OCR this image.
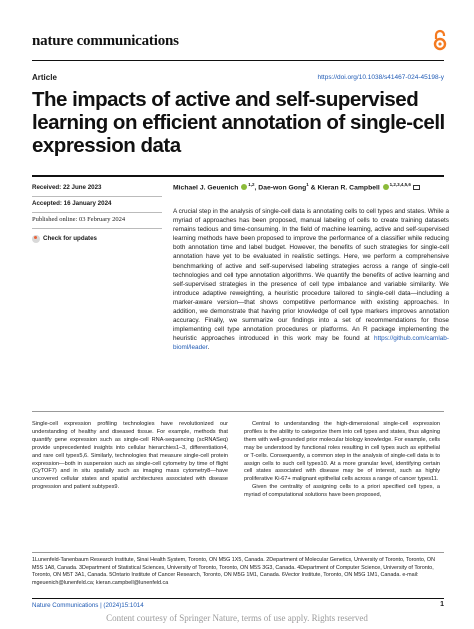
nature communications
Article	https://doi.org/10.1038/s41467-024-45198-y
The impacts of active and self-supervised learning on efficient annotation of single-cell expression data
Received: 22 June 2023
Accepted: 16 January 2024
Published online: 03 February 2024
Check for updates
Michael J. Geuenich $^{1,2}$, Dae-won Gong$^1$ & Kieran R. Campbell $^{1,2,3,4,5,6}$
A crucial step in the analysis of single-cell data is annotating cells to cell types and states. While a myriad of approaches has been proposed, manual labeling of cells to create training datasets remains tedious and time-consuming. In the field of machine learning, active and self-supervised learning methods have been proposed to improve the performance of a classifier while reducing both annotation time and label budget. However, the benefits of such strategies for single-cell annotation have yet to be evaluated in realistic settings. Here, we perform a comprehensive benchmarking of active and self-supervised labeling strategies across a range of single-cell technologies and cell type annotation algorithms. We quantify the benefits of active learning and self-supervised strategies in the presence of cell type imbalance and variable similarity. We introduce adaptive reweighting, a heuristic procedure tailored to single-cell data—including a marker-aware version—that shows competitive performance with existing approaches. In addition, we demonstrate that having prior knowledge of cell type markers improves annotation accuracy. Finally, we summarize our findings into a set of recommendations for those implementing cell type annotation procedures or platforms. An R package implementing the heuristic approaches introduced in this work may be found at https://github.com/camlab-bioml/leader.

Single-cell expression profiling technologies have revolutionized our understanding of healthy and diseased tissue. For example, methods that quantify gene expression such as single-cell RNA-sequencing (scRNASeq) provide unprecedented insights into cellular hierarchies1–3, differentiation4, and rare cell types5,6. Similarly, technologies that measure single-cell protein expression—both in suspension such as single-cell cytometry by time of flight (CyTOF7) and in situ spatially such as imaging mass cytometry8—have uncovered cellular states and spatial architectures associated with disease progression and patient subtypes9.

Central to understanding the high-dimensional single-cell expression profiles is the ability to categorize them into cell types and states, thus aligning them with well-grounded prior molecular biology knowledge. For example, cells may be understood by functional roles resulting in cell types such as epithelial or T-cells. Consequently, a common step in the analysis of single-cell data is to assign cells to such cell types10. At a more granular level, identifying certain cell states associated with disease may be of interest, such as highly proliferative Ki-67+ malignant epithelial cells across a range of cancer types11.

Given the centrality of assigning cells to a priori specified cell types, a myriad of computational solutions have been proposed,

1Lunenfeld-Tanenbaum Research Institute, Sinai Health System, Toronto, ON M5G 1X5, Canada. 2Department of Molecular Genetics, University of Toronto, Toronto, ON M5S 1A8, Canada. 3Department of Statistical Sciences, University of Toronto, Toronto, ON M5S 3G3, Canada. 4Department of Computer Science, University of Toronto, Toronto, ON M5T 3A1, Canada. 5Ontario Institute of Cancer Research, Toronto, ON M5G 1M1, Canada. 6Vector Institute, Toronto, ON M5G 1M1, Canada. e-mail: mgeuenich@lunenfeld.ca; kieran.campbell@lunenfeld.ca
Nature Communications | (2024)15:1014	1
Content courtesy of Springer Nature, terms of use apply. Rights reserved
